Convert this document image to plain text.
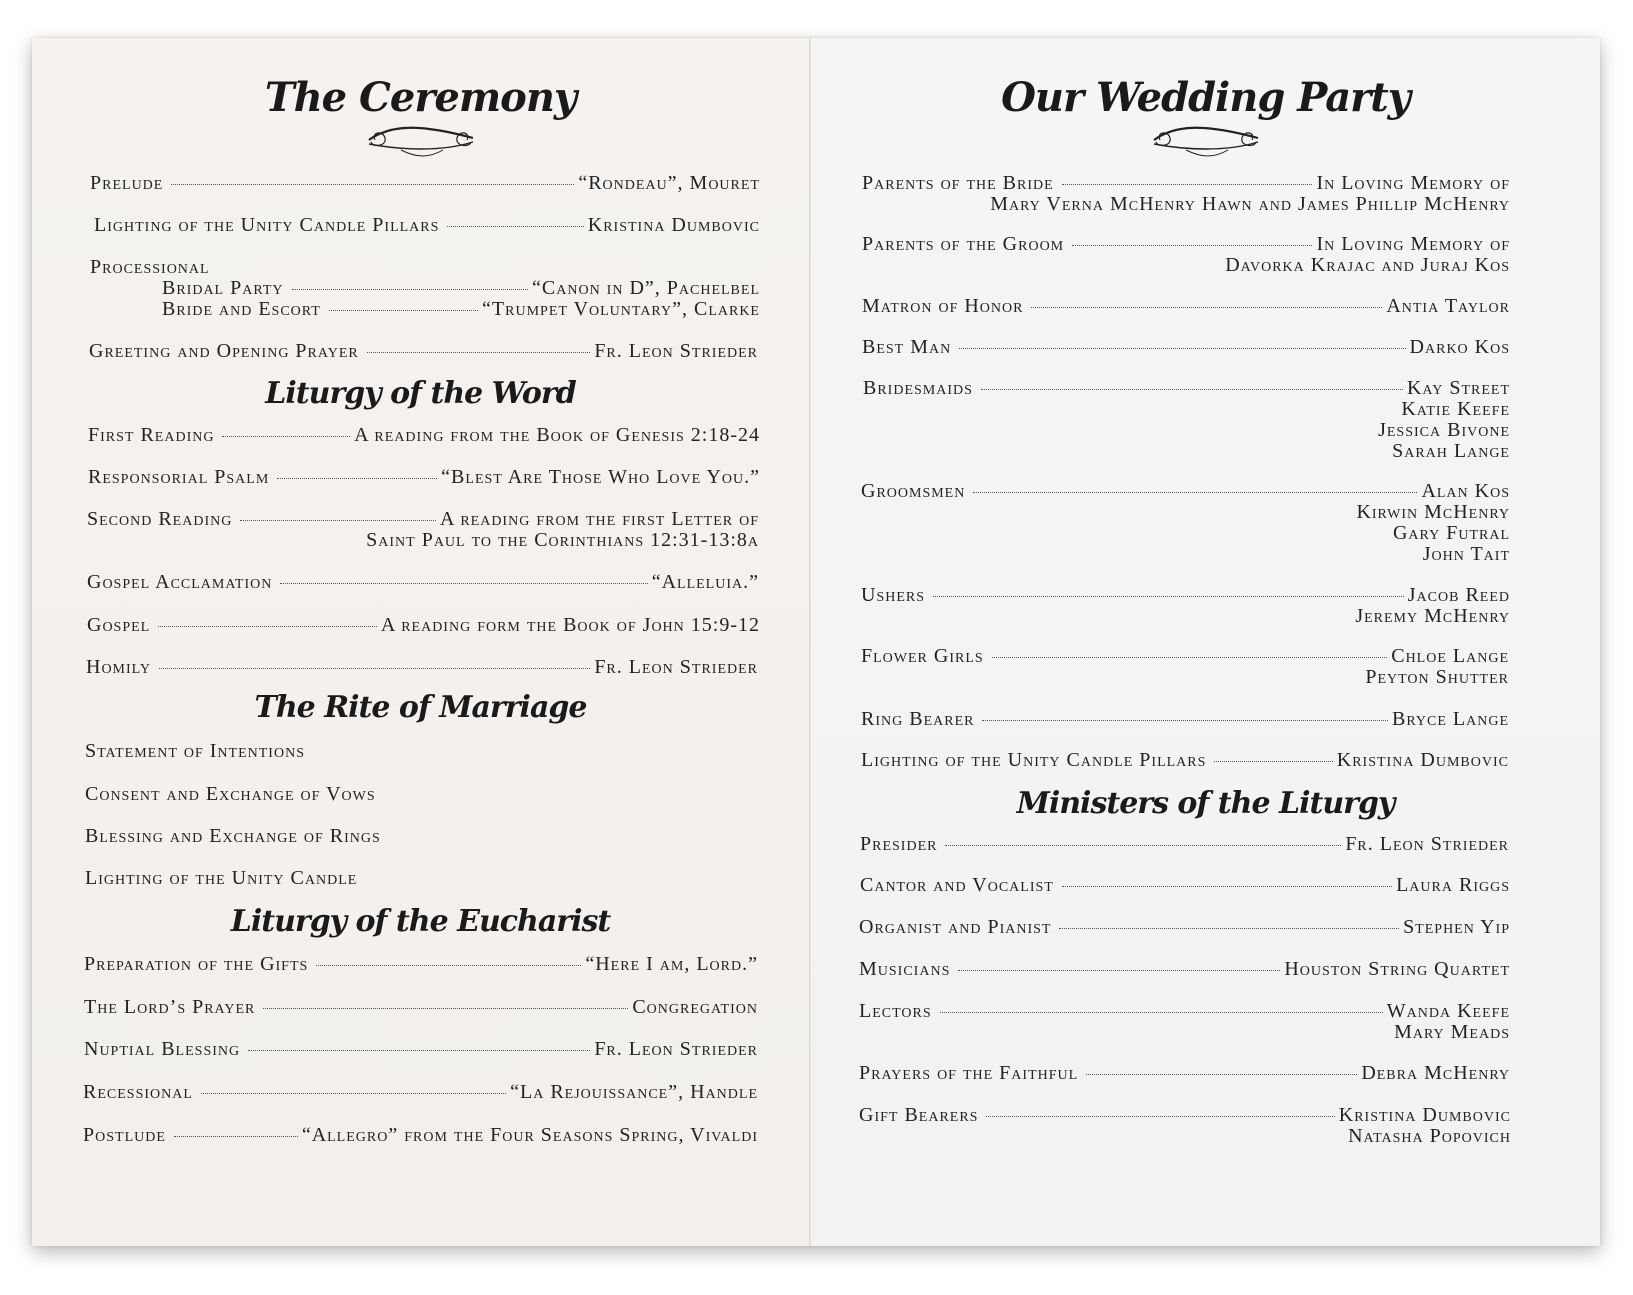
The Ceremony
Prelude	“Rondeau”, Mouret
Lighting of the Unity Candle Pillars	Kristina Dumbovic
Processional
Bridal Party	“Canon in D”, Pachelbel
Bride and Escort	“Trumpet Voluntary”, Clarke
Greeting and Opening Prayer	Fr. Leon Strieder
Liturgy of the Word
First Reading	A reading from the Book of Genesis 2:18-24
Responsorial Psalm	“Blest Are Those Who Love You.”
Second Reading	A reading from the first Letter of
Saint Paul to the Corinthians 12:31-13:8a
Gospel Acclamation	“Alleluia.”
Gospel	A reading form the Book of John 15:9-12
Homily	Fr. Leon Strieder
The Rite of Marriage
Statement of Intentions
Consent and Exchange of Vows
Blessing and Exchange of Rings
Lighting of the Unity Candle
Liturgy of the Eucharist
Preparation of the Gifts	“Here I am, Lord.”
The Lord’s Prayer	Congregation
Nuptial Blessing	Fr. Leon Strieder
Recessional	“La Rejouissance”, Handle
Postlude	“Allegro” from the Four Seasons Spring, Vivaldi
Our Wedding Party
Parents of the Bride	In Loving Memory of
Mary Verna McHenry Hawn and James Phillip McHenry
Parents of the Groom	In Loving Memory of
Davorka Krajac and Juraj Kos
Matron of Honor	Antia Taylor
Best Man	Darko Kos
Bridesmaids	Kay Street
Katie Keefe
Jessica Bivone
Sarah Lange
Groomsmen	Alan Kos
Kirwin McHenry
Gary Futral
John Tait
Ushers	Jacob Reed
Jeremy McHenry
Flower Girls	Chloe Lange
Peyton Shutter
Ring Bearer	Bryce Lange
Lighting of the Unity Candle Pillars	Kristina Dumbovic
Ministers of the Liturgy
Presider	Fr. Leon Strieder
Cantor and Vocalist	Laura Riggs
Organist and Pianist	Stephen Yip
Musicians	Houston String Quartet
Lectors	Wanda Keefe
Mary Meads
Prayers of the Faithful	Debra McHenry
Gift Bearers	Kristina Dumbovic
Natasha Popovich
